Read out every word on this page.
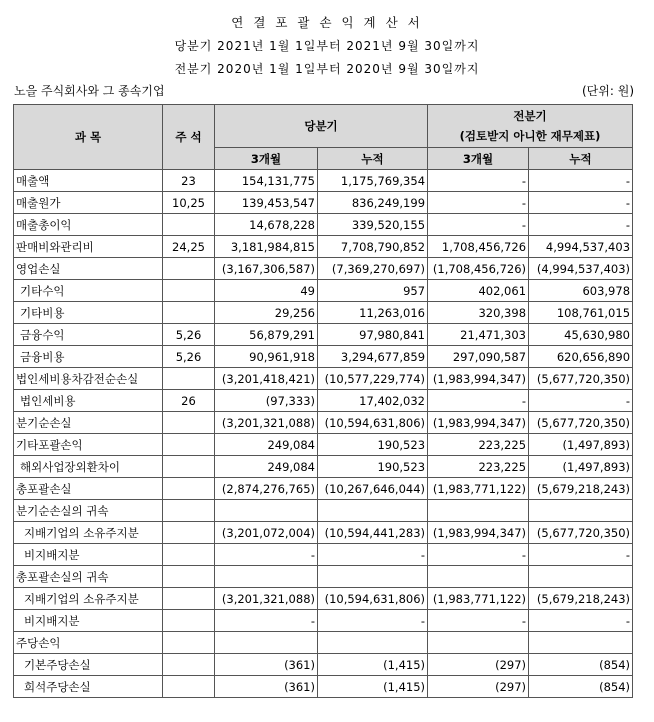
연 결 포 괄 손 익 계 산 서
당분기 2021년 1월 1일부터 2021년 9월 30일까지
전분기 2020년 1월 1일부터 2020년 9월 30일까지
노을 주식회사와 그 종속기업	(단위: 원)
과 목	주 석	당분기		전분기
(검토받지 아니한 재무제표)	

		3개월	누적	3개월	누적
매출액	23	154,131,775	1,175,769,354	-	-
매출원가	10,25	139,453,547	836,249,199	-	-
매출총이익		14,678,228	339,520,155	-	-
판매비와관리비	24,25	3,181,984,815	7,708,790,852	1,708,456,726	4,994,537,403
영업손실		(3,167,306,587)	(7,369,270,697)	(1,708,456,726)	(4,994,537,403)
기타수익		49	957	402,061	603,978
기타비용		29,256	11,263,016	320,398	108,761,015
금융수익	5,26	56,879,291	97,980,841	21,471,303	45,630,980
금융비용	5,26	90,961,918	3,294,677,859	297,090,587	620,656,890
법인세비용차감전순손실		(3,201,418,421)	(10,577,229,774)	(1,983,994,347)	(5,677,720,350)
법인세비용	26	(97,333)	17,402,032	-	-
분기순손실		(3,201,321,088)	(10,594,631,806)	(1,983,994,347)	(5,677,720,350)
기타포괄손익		249,084	190,523	223,225	(1,497,893)
해외사업장외환차이		249,084	190,523	223,225	(1,497,893)
총포괄손실		(2,874,276,765)	(10,267,646,044)	(1,983,771,122)	(5,679,218,243)
분기순손실의 귀속					
지배기업의 소유주지분		(3,201,072,004)	(10,594,441,283)	(1,983,994,347)	(5,677,720,350)
비지배지분		-	-	-	-
총포괄손실의 귀속					
지배기업의 소유주지분		(3,201,321,088)	(10,594,631,806)	(1,983,771,122)	(5,679,218,243)
비지배지분		-	-	-	-
주당손익					
기본주당손실		(361)	(1,415)	(297)	(854)
희석주당손실		(361)	(1,415)	(297)	(854)
